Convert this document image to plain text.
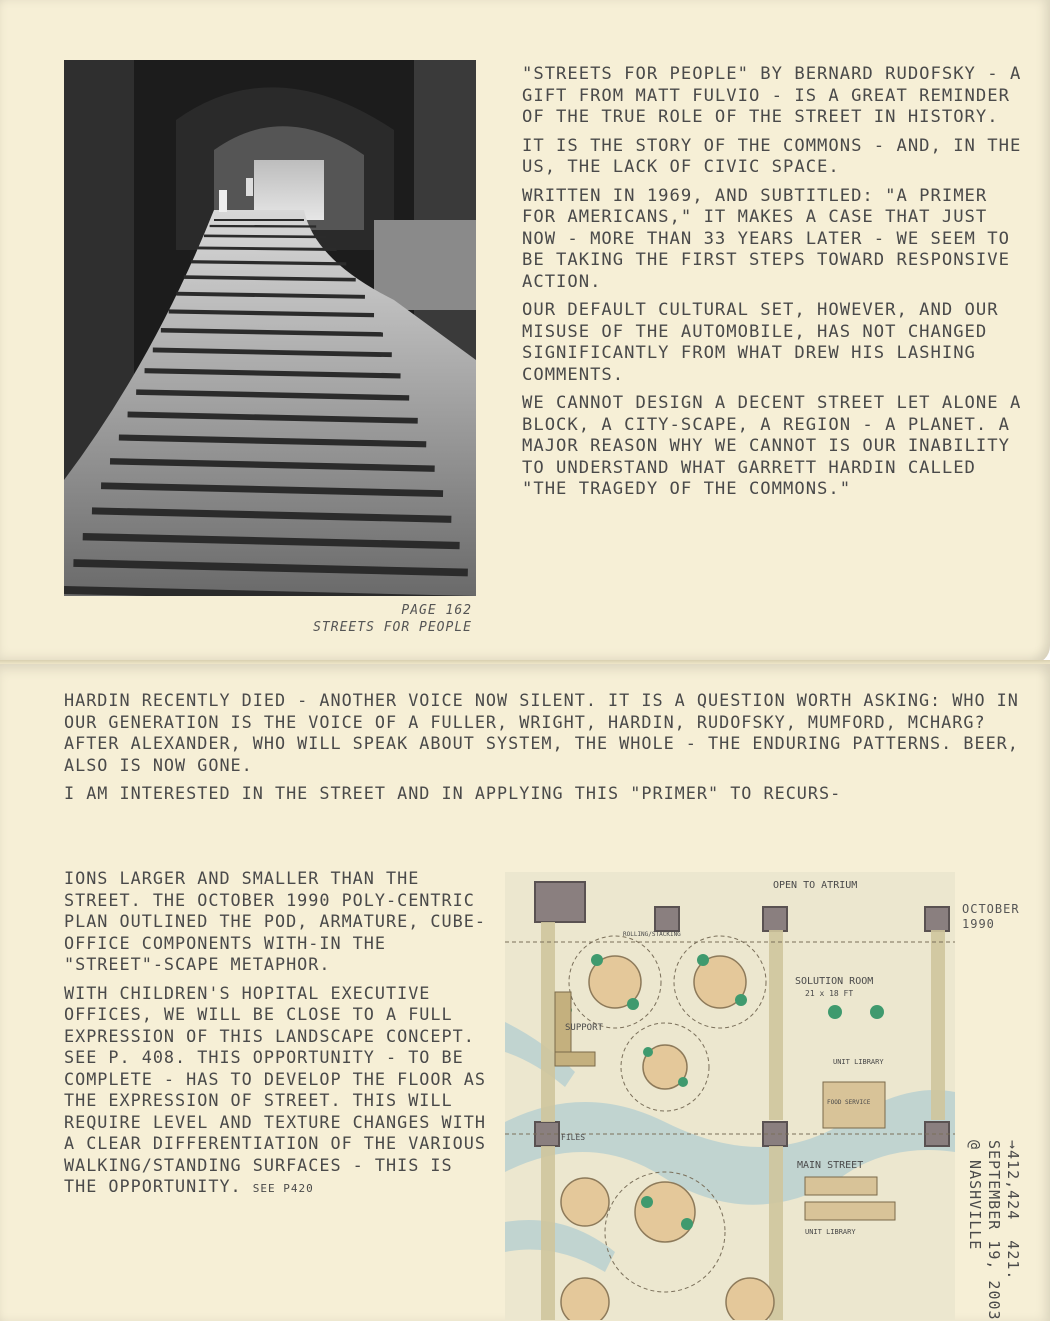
PAGE 162
STREETS FOR PEOPLE

"STREETS FOR PEOPLE" BY BERNARD RUDOFSKY - A GIFT FROM MATT FULVIO - IS A GREAT REMINDER OF THE TRUE ROLE OF THE STREET IN HISTORY.

IT IS THE STORY OF THE COMMONS - AND, IN THE US, THE LACK OF CIVIC SPACE.

WRITTEN IN 1969, AND SUBTITLED: "A PRIMER FOR AMERICANS," IT MAKES A CASE THAT JUST NOW - MORE THAN 33 YEARS LATER - WE SEEM TO BE TAKING THE FIRST STEPS TOWARD RESPONSIVE ACTION.

OUR DEFAULT CULTURAL SET, HOWEVER, AND OUR MISUSE OF THE AUTOMOBILE, HAS NOT CHANGED SIGNIFICANTLY FROM WHAT DREW HIS LASHING COMMENTS.

WE CANNOT DESIGN A DECENT STREET LET ALONE A BLOCK, A CITY-SCAPE, A REGION - A PLANET. A MAJOR REASON WHY WE CANNOT IS OUR INABILITY TO UNDERSTAND WHAT GARRETT HARDIN CALLED "THE TRAGEDY OF THE COMMONS."

HARDIN RECENTLY DIED - ANOTHER VOICE NOW SILENT. IT IS A QUESTION WORTH ASKING: WHO IN OUR GENERATION IS THE VOICE OF A FULLER, WRIGHT, HARDIN, RUDOFSKY, MUMFORD, MCHARG? AFTER ALEXANDER, WHO WILL SPEAK ABOUT SYSTEM, THE WHOLE - THE ENDURING PATTERNS. BEER, ALSO IS NOW GONE.

I AM INTERESTED IN THE STREET AND IN APPLYING THIS "PRIMER" TO RECURS-

IONS LARGER AND SMALLER THAN THE STREET. THE OCTOBER 1990 POLY-CENTRIC PLAN OUTLINED THE POD, ARMATURE, CUBE-OFFICE COMPONENTS WITH-IN THE "STREET"-SCAPE METAPHOR.

WITH CHILDREN'S HOPITAL EXECUTIVE OFFICES, WE WILL BE CLOSE TO A FULL EXPRESSION OF THIS LANDSCAPE CONCEPT. SEE P. 408. THIS OPPORTUNITY - TO BE COMPLETE - HAS TO DEVELOP THE FLOOR AS THE EXPRESSION OF STREET. THIS WILL REQUIRE LEVEL AND TEXTURE CHANGES WITH A CLEAR DIFFERENTIATION OF THE VARIOUS WALKING/STANDING SURFACES - THIS IS THE OPPORTUNITY. SEE P420

OPEN TO ATRIUM
SOLUTION ROOM
21 x 18 FT
SUPPORT
UNIT LIBRARY
MAIN STREET
FILES
UNIT LIBRARY
ROLLING/STACKING
FOOD SERVICE
OCTOBER 1990
→412,424  421.
SEPTEMBER 19, 2003
@ NASHVILLE
